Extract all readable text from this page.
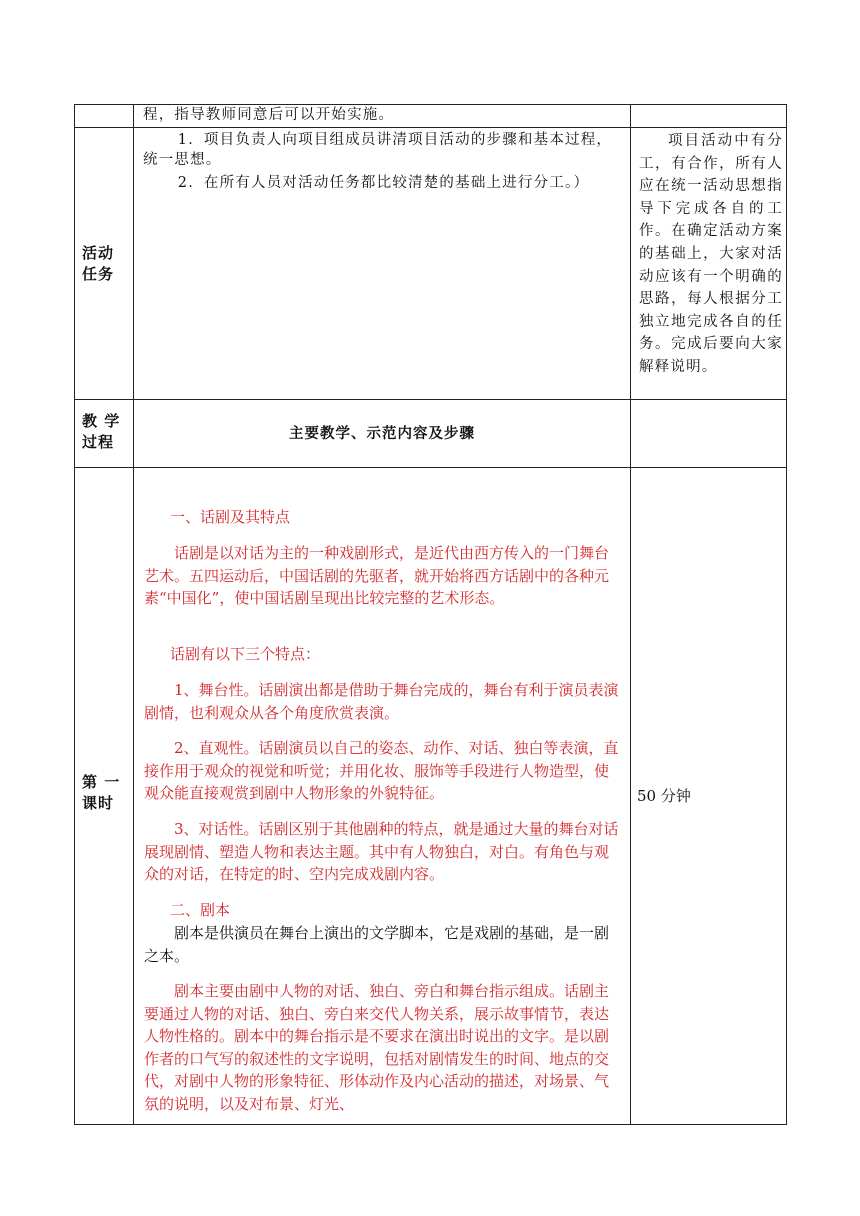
程，指导教师同意后可以开始实施。
活动
任务
1．项目负责人向项目组成员讲清项目活动的步骤和基本过程，统一思想。
2．在所有人员对活动任务都比较清楚的基础上进行分工。）
项目活动中有分工，有合作，所有人应在统一活动思想指导下完成各自的工作。在确定活动方案的基础上，大家对活动应该有一个明确的思路，每人根据分工独立地完成各自的任务。完成后要向大家解释说明。
教 学
过程	主要教学、示范内容及步骤
第 一
课时	50 分钟

一、话剧及其特点

话剧是以对话为主的一种戏剧形式，是近代由西方传入的一门舞台艺术。五四运动后，中国话剧的先驱者，就开始将西方话剧中的各种元素“中国化”，使中国话剧呈现出比较完整的艺术形态。

话剧有以下三个特点：

1、舞台性。话剧演出都是借助于舞台完成的，舞台有利于演员表演剧情，也利观众从各个角度欣赏表演。

2、直观性。话剧演员以自己的姿态、动作、对话、独白等表演，直接作用于观众的视觉和听觉；并用化妆、服饰等手段进行人物造型，使观众能直接观赏到剧中人物形象的外貌特征。

3、对话性。话剧区别于其他剧种的特点，就是通过大量的舞台对话展现剧情、塑造人物和表达主题。其中有人物独白，对白。有角色与观众的对话，在特定的时、空内完成戏剧内容。

二、剧本

剧本是供演员在舞台上演出的文学脚本，它是戏剧的基础，是一剧之本。

剧本主要由剧中人物的对话、独白、旁白和舞台指示组成。话剧主要通过人物的对话、独白、旁白来交代人物关系，展示故事情节，表达人物性格的。剧本中的舞台指示是不要求在演出时说出的文字。是以剧作者的口气写的叙述性的文字说明，包括对剧情发生的时间、地点的交代，对剧中人物的形象特征、形体动作及内心活动的描述，对场景、气氛的说明，以及对布景、灯光、
